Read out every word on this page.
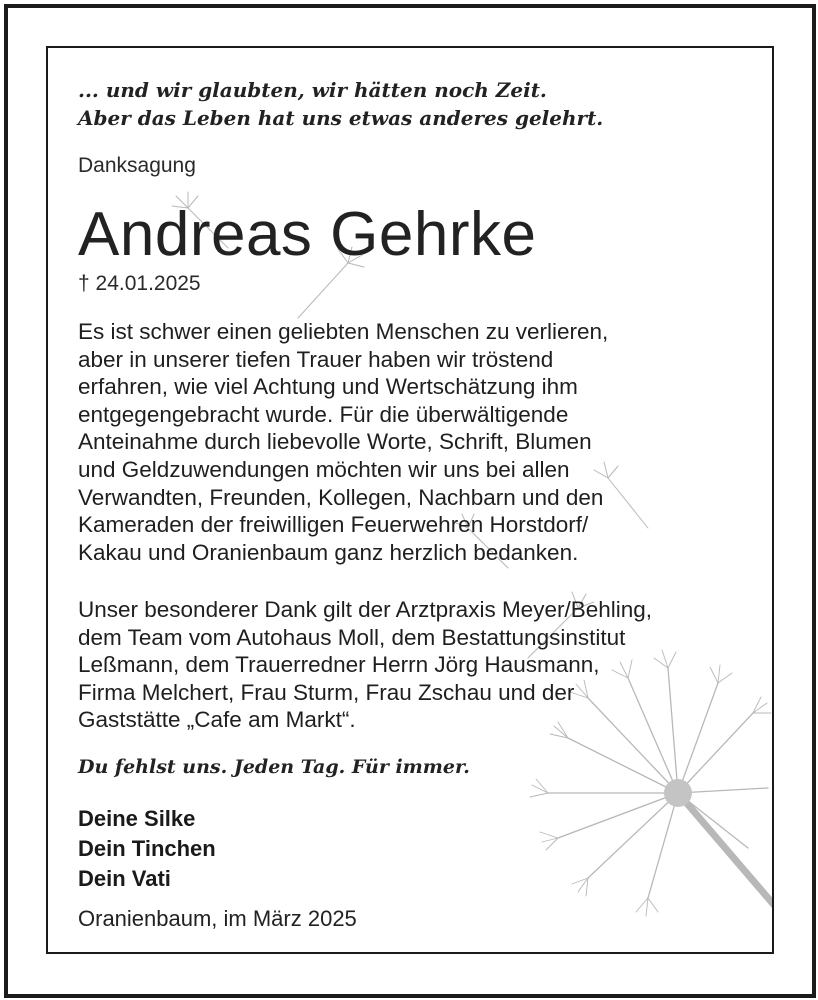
... und wir glaubten, wir hätten noch Zeit.
Aber das Leben hat uns etwas anderes gelehrt.
Danksagung
Andreas Gehrke
† 24.01.2025
Es ist schwer einen geliebten Menschen zu verlieren,
aber in unserer tiefen Trauer haben wir tröstend
erfahren, wie viel Achtung und Wertschätzung ihm
entgegengebracht wurde. Für die überwältigende
Anteinahme durch liebevolle Worte, Schrift, Blumen
und Geldzuwendungen möchten wir uns bei allen
Verwandten, Freunden, Kollegen, Nachbarn und den
Kameraden der freiwilligen Feuerwehren Horstdorf/
Kakau und Oranienbaum ganz herzlich bedanken.
Unser besonderer Dank gilt der Arztpraxis Meyer/Behling,
dem Team vom Autohaus Moll, dem Bestattungsinstitut
Leßmann, dem Trauerredner Herrn Jörg Hausmann,
Firma Melchert, Frau Sturm, Frau Zschau und der
Gaststätte „Cafe am Markt“.
Du fehlst uns. Jeden Tag. Für immer.
Deine Silke
Dein Tinchen
Dein Vati
Oranienbaum, im März 2025
